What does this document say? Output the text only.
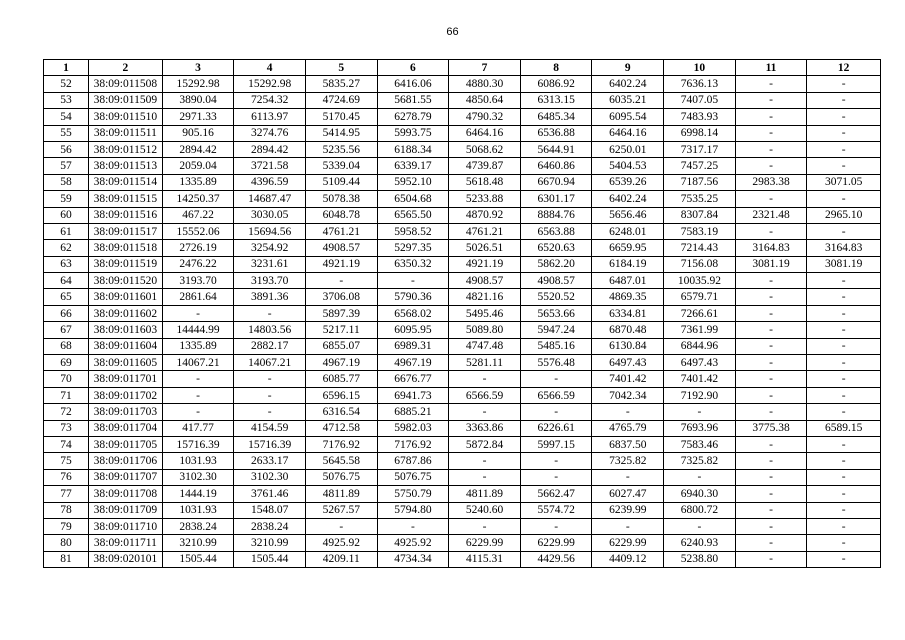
66
1	2	3	4	5	6	7	8	9	10	11	12
52	38:09:011508	15292.98	15292.98	5835.27	6416.06	4880.30	6086.92	6402.24	7636.13	-	-
53	38:09:011509	3890.04	7254.32	4724.69	5681.55	4850.64	6313.15	6035.21	7407.05	-	-
54	38:09:011510	2971.33	6113.97	5170.45	6278.79	4790.32	6485.34	6095.54	7483.93	-	-
55	38:09:011511	905.16	3274.76	5414.95	5993.75	6464.16	6536.88	6464.16	6998.14	-	-
56	38:09:011512	2894.42	2894.42	5235.56	6188.34	5068.62	5644.91	6250.01	7317.17	-	-
57	38:09:011513	2059.04	3721.58	5339.04	6339.17	4739.87	6460.86	5404.53	7457.25	-	-
58	38:09:011514	1335.89	4396.59	5109.44	5952.10	5618.48	6670.94	6539.26	7187.56	2983.38	3071.05
59	38:09:011515	14250.37	14687.47	5078.38	6504.68	5233.88	6301.17	6402.24	7535.25	-	-
60	38:09:011516	467.22	3030.05	6048.78	6565.50	4870.92	8884.76	5656.46	8307.84	2321.48	2965.10
61	38:09:011517	15552.06	15694.56	4761.21	5958.52	4761.21	6563.88	6248.01	7583.19	-	-
62	38:09:011518	2726.19	3254.92	4908.57	5297.35	5026.51	6520.63	6659.95	7214.43	3164.83	3164.83
63	38:09:011519	2476.22	3231.61	4921.19	6350.32	4921.19	5862.20	6184.19	7156.08	3081.19	3081.19
64	38:09:011520	3193.70	3193.70	-	-	4908.57	4908.57	6487.01	10035.92	-	-
65	38:09:011601	2861.64	3891.36	3706.08	5790.36	4821.16	5520.52	4869.35	6579.71	-	-
66	38:09:011602	-	-	5897.39	6568.02	5495.46	5653.66	6334.81	7266.61	-	-
67	38:09:011603	14444.99	14803.56	5217.11	6095.95	5089.80	5947.24	6870.48	7361.99	-	-
68	38:09:011604	1335.89	2882.17	6855.07	6989.31	4747.48	5485.16	6130.84	6844.96	-	-
69	38:09:011605	14067.21	14067.21	4967.19	4967.19	5281.11	5576.48	6497.43	6497.43	-	-
70	38:09:011701	-	-	6085.77	6676.77	-	-	7401.42	7401.42	-	-
71	38:09:011702	-	-	6596.15	6941.73	6566.59	6566.59	7042.34	7192.90	-	-
72	38:09:011703	-	-	6316.54	6885.21	-	-	-	-	-	-
73	38:09:011704	417.77	4154.59	4712.58	5982.03	3363.86	6226.61	4765.79	7693.96	3775.38	6589.15
74	38:09:011705	15716.39	15716.39	7176.92	7176.92	5872.84	5997.15	6837.50	7583.46	-	-
75	38:09:011706	1031.93	2633.17	5645.58	6787.86	-	-	7325.82	7325.82	-	-
76	38:09:011707	3102.30	3102.30	5076.75	5076.75	-	-	-	-	-	-
77	38:09:011708	1444.19	3761.46	4811.89	5750.79	4811.89	5662.47	6027.47	6940.30	-	-
78	38:09:011709	1031.93	1548.07	5267.57	5794.80	5240.60	5574.72	6239.99	6800.72	-	-
79	38:09:011710	2838.24	2838.24	-	-	-	-	-	-	-	-
80	38:09:011711	3210.99	3210.99	4925.92	4925.92	6229.99	6229.99	6229.99	6240.93	-	-
81	38:09:020101	1505.44	1505.44	4209.11	4734.34	4115.31	4429.56	4409.12	5238.80	-	-
